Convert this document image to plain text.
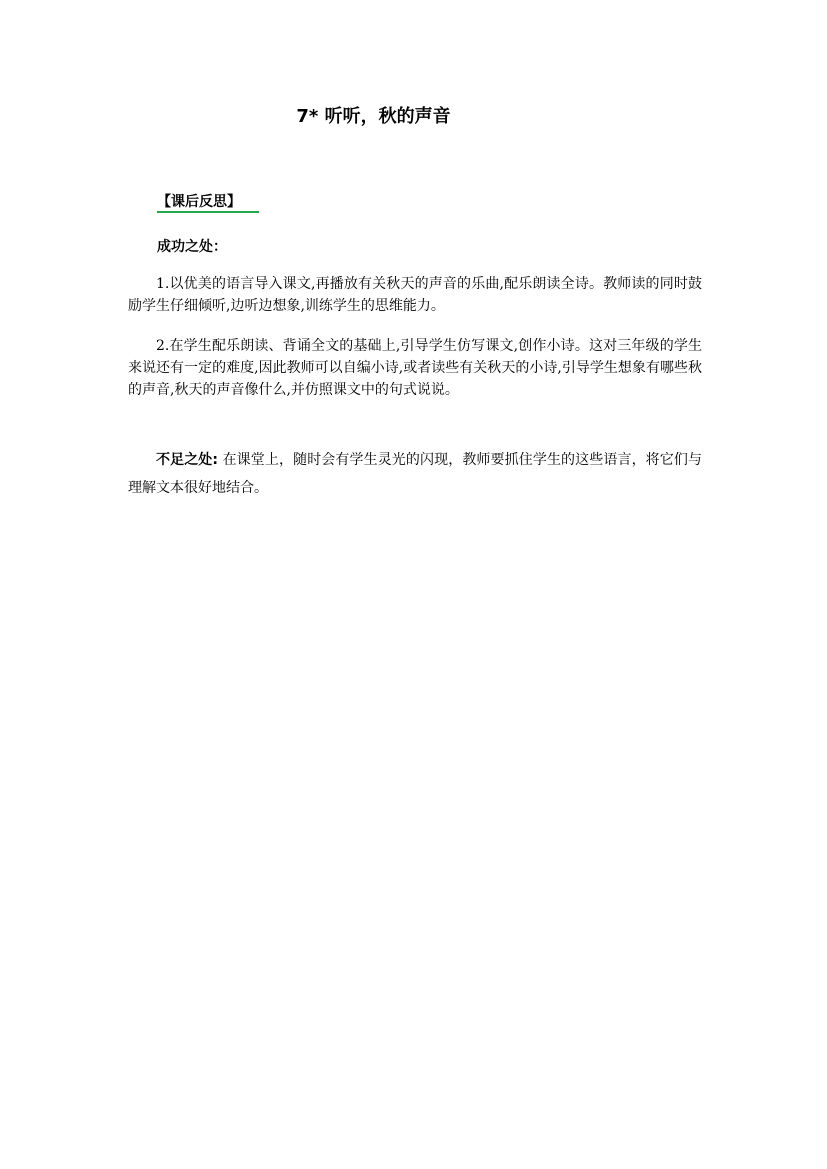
7* 听听，秋的声音
【课后反思】
成功之处：

1.以优美的语言导入课文,再播放有关秋天的声音的乐曲,配乐朗读全诗。教师读的同时鼓励学生仔细倾听,边听边想象,训练学生的思维能力。

2.在学生配乐朗读、背诵全文的基础上,引导学生仿写课文,创作小诗。这对三年级的学生来说还有一定的难度,因此教师可以自编小诗,或者读些有关秋天的小诗,引导学生想象有哪些秋的声音,秋天的声音像什么,并仿照课文中的句式说说。

不足之处: 在课堂上，随时会有学生灵光的闪现，教师要抓住学生的这些语言，将它们与理解文本很好地结合。
